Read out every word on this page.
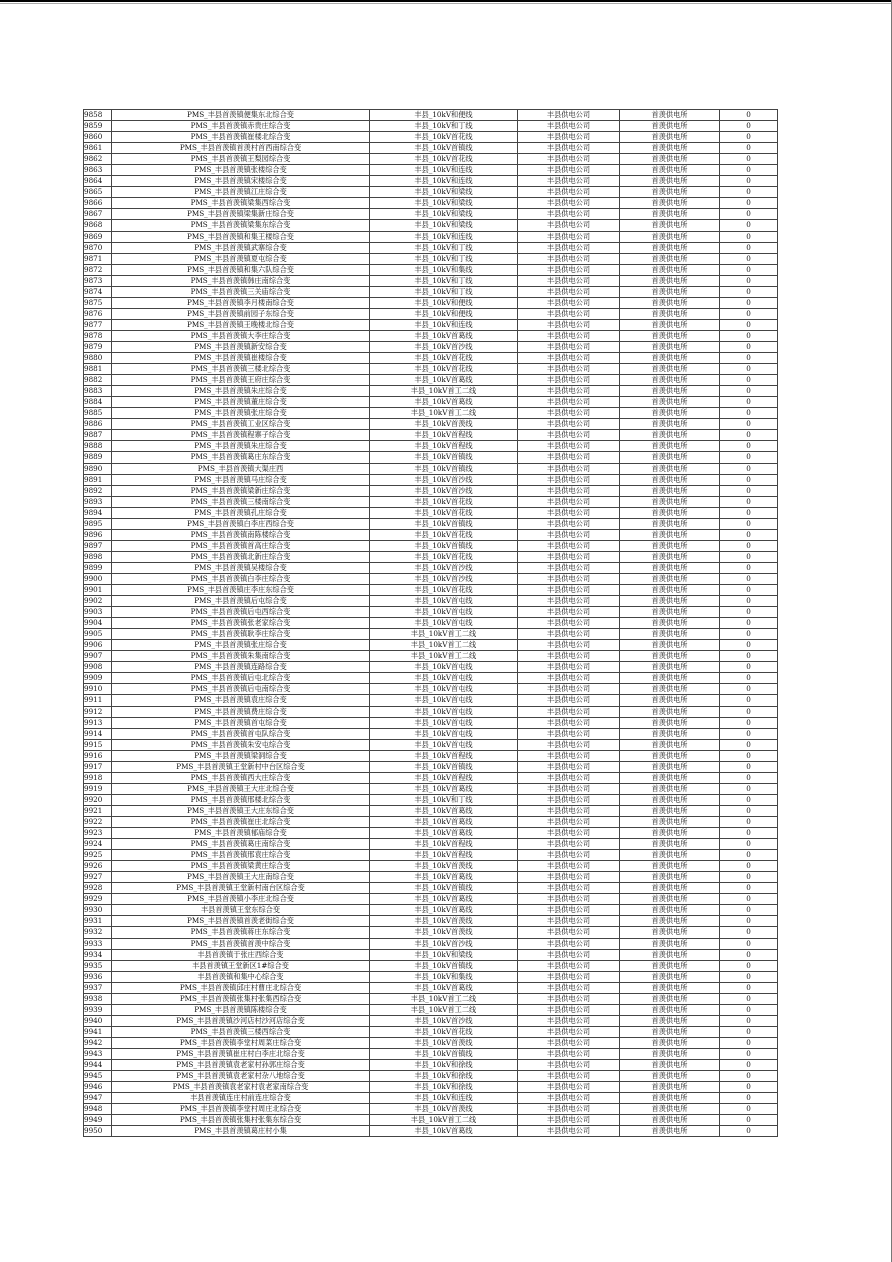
9858	PMS_丰县首羡镇便集东北综合变	丰县_10kV和便线	丰县供电公司	首羡供电所	0
9859	PMS_丰县首羡镇赤贵庄综合变	丰县_10kV和丁线	丰县供电公司	首羡供电所	0
9860	PMS_丰县首羡镇崔楼北综合变	丰县_10kV首花线	丰县供电公司	首羡供电所	0
9861	PMS_丰县首羡镇首羡村首西南综合变	丰县_10kV首镇线	丰县供电公司	首羡供电所	0
9862	PMS_丰县首羡镇王梨园综合变	丰县_10kV首花线	丰县供电公司	首羡供电所	0
9863	PMS_丰县首羡镇张楼综合变	丰县_10kV和连线	丰县供电公司	首羡供电所	0
9864	PMS_丰县首羡镇宋楼综合变	丰县_10kV和连线	丰县供电公司	首羡供电所	0
9865	PMS_丰县首羡镇江庄综合变	丰县_10kV和梁线	丰县供电公司	首羡供电所	0
9866	PMS_丰县首羡镇梁集西综合变	丰县_10kV和梁线	丰县供电公司	首羡供电所	0
9867	PMS_丰县首羡镇梁集新庄综合变	丰县_10kV和梁线	丰县供电公司	首羡供电所	0
9868	PMS_丰县首羡镇梁集东综合变	丰县_10kV和梁线	丰县供电公司	首羡供电所	0
9869	PMS_丰县首羡镇和集王楼综合变	丰县_10kV和连线	丰县供电公司	首羡供电所	0
9870	PMS_丰县首羡镇武寨综合变	丰县_10kV和丁线	丰县供电公司	首羡供电所	0
9871	PMS_丰县首羡镇夏屯综合变	丰县_10kV和丁线	丰县供电公司	首羡供电所	0
9872	PMS_丰县首羡镇和集六队综合变	丰县_10kV和集线	丰县供电公司	首羡供电所	0
9873	PMS_丰县首羡镇韩庄南综合变	丰县_10kV和丁线	丰县供电公司	首羡供电所	0
9874	PMS_丰县首羡镇三关庙综合变	丰县_10kV和丁线	丰县供电公司	首羡供电所	0
9875	PMS_丰县首羡镇李月楼南综合变	丰县_10kV和便线	丰县供电公司	首羡供电所	0
9876	PMS_丰县首羡镇前园子东综合变	丰县_10kV和便线	丰县供电公司	首羡供电所	0
9877	PMS_丰县首羡镇王晚楼北综合变	丰县_10kV和连线	丰县供电公司	首羡供电所	0
9878	PMS_丰县首羡镇大李庄综合变	丰县_10kV首葛线	丰县供电公司	首羡供电所	0
9879	PMS_丰县首羡镇新安综合变	丰县_10kV首沙线	丰县供电公司	首羡供电所	0
9880	PMS_丰县首羡镇崔楼综合变	丰县_10kV首花线	丰县供电公司	首羡供电所	0
9881	PMS_丰县首羡镇三楼北综合变	丰县_10kV首花线	丰县供电公司	首羡供电所	0
9882	PMS_丰县首羡镇王府庄综合变	丰县_10kV首葛线	丰县供电公司	首羡供电所	0
9883	PMS_丰县首羡镇朱庄综合变	丰县_10kV首工二线	丰县供电公司	首羡供电所	0
9884	PMS_丰县首羡镇董庄综合变	丰县_10kV首葛线	丰县供电公司	首羡供电所	0
9885	PMS_丰县首羡镇张庄综合变	丰县_10kV首工二线	丰县供电公司	首羡供电所	0
9886	PMS_丰县首羡镇工业区综合变	丰县_10kV首羡线	丰县供电公司	首羡供电所	0
9887	PMS_丰县首羡镇程寨子综合变	丰县_10kV首程线	丰县供电公司	首羡供电所	0
9888	PMS_丰县首羡镇朱庄综合变	丰县_10kV首程线	丰县供电公司	首羡供电所	0
9889	PMS_丰县首羡镇葛庄东综合变	丰县_10kV首镇线	丰县供电公司	首羡供电所	0
9890	PMS_丰县首羡镇大渠庄西	丰县_10kV首镇线	丰县供电公司	首羡供电所	0
9891	PMS_丰县首羡镇马庄综合变	丰县_10kV首沙线	丰县供电公司	首羡供电所	0
9892	PMS_丰县首羡镇梁新庄综合变	丰县_10kV首沙线	丰县供电公司	首羡供电所	0
9893	PMS_丰县首羡镇三楼南综合变	丰县_10kV首花线	丰县供电公司	首羡供电所	0
9894	PMS_丰县首羡镇孔庄综合变	丰县_10kV首花线	丰县供电公司	首羡供电所	0
9895	PMS_丰县首羡镇白李庄西综合变	丰县_10kV首镇线	丰县供电公司	首羡供电所	0
9896	PMS_丰县首羡镇南陈楼综合变	丰县_10kV首花线	丰县供电公司	首羡供电所	0
9897	PMS_丰县首羡镇首高庄综合变	丰县_10kV首镇线	丰县供电公司	首羡供电所	0
9898	PMS_丰县首羡镇北新庄综合变	丰县_10kV首花线	丰县供电公司	首羡供电所	0
9899	PMS_丰县首羡镇吴楼综合变	丰县_10kV首沙线	丰县供电公司	首羡供电所	0
9900	PMS_丰县首羡镇白李庄综合变	丰县_10kV首沙线	丰县供电公司	首羡供电所	0
9901	PMS_丰县首羡镇庄李庄东综合变	丰县_10kV首花线	丰县供电公司	首羡供电所	0
9902	PMS_丰县首羡镇后屯综合变	丰县_10kV首屯线	丰县供电公司	首羡供电所	0
9903	PMS_丰县首羡镇后屯西综合变	丰县_10kV首屯线	丰县供电公司	首羡供电所	0
9904	PMS_丰县首羡镇张老家综合变	丰县_10kV首屯线	丰县供电公司	首羡供电所	0
9905	PMS_丰县首羡镇耿李庄综合变	丰县_10kV首工二线	丰县供电公司	首羡供电所	0
9906	PMS_丰县首羡镇张庄综合变	丰县_10kV首工二线	丰县供电公司	首羡供电所	0
9907	PMS_丰县首羡镇朱集南综合变	丰县_10kV首工二线	丰县供电公司	首羡供电所	0
9908	PMS_丰县首羡镇连路综合变	丰县_10kV首屯线	丰县供电公司	首羡供电所	0
9909	PMS_丰县首羡镇后屯北综合变	丰县_10kV首屯线	丰县供电公司	首羡供电所	0
9910	PMS_丰县首羡镇后屯南综合变	丰县_10kV首屯线	丰县供电公司	首羡供电所	0
9911	PMS_丰县首羡镇袁庄综合变	丰县_10kV首屯线	丰县供电公司	首羡供电所	0
9912	PMS_丰县首羡镇费庄综合变	丰县_10kV首屯线	丰县供电公司	首羡供电所	0
9913	PMS_丰县首羡镇首屯综合变	丰县_10kV首屯线	丰县供电公司	首羡供电所	0
9914	PMS_丰县首羡镇首屯队综合变	丰县_10kV首屯线	丰县供电公司	首羡供电所	0
9915	PMS_丰县首羡镇朱安屯综合变	丰县_10kV首屯线	丰县供电公司	首羡供电所	0
9916	PMS_丰县首羡镇梁洞综合变	丰县_10kV首程线	丰县供电公司	首羡供电所	0
9917	PMS_丰县首羡镇王堂新村中台区综合变	丰县_10kV首镇线	丰县供电公司	首羡供电所	0
9918	PMS_丰县首羡镇西大庄综合变	丰县_10kV首程线	丰县供电公司	首羡供电所	0
9919	PMS_丰县首羡镇王大庄北综合变	丰县_10kV首葛线	丰县供电公司	首羡供电所	0
9920	PMS_丰县首羡镇邢楼北综合变	丰县_10kV和丁线	丰县供电公司	首羡供电所	0
9921	PMS_丰县首羡镇王大庄东综合变	丰县_10kV首葛线	丰县供电公司	首羡供电所	0
9922	PMS_丰县首羡镇崔庄北综合变	丰县_10kV首葛线	丰县供电公司	首羡供电所	0
9923	PMS_丰县首羡镇郁庙综合变	丰县_10kV首葛线	丰县供电公司	首羡供电所	0
9924	PMS_丰县首羡镇葛庄南综合变	丰县_10kV首程线	丰县供电公司	首羡供电所	0
9925	PMS_丰县首羡镇邢袁庄综合变	丰县_10kV首程线	丰县供电公司	首羡供电所	0
9926	PMS_丰县首羡镇梁黄庄综合变	丰县_10kV首羡线	丰县供电公司	首羡供电所	0
9927	PMS_丰县首羡镇王大庄南综合变	丰县_10kV首葛线	丰县供电公司	首羡供电所	0
9928	PMS_丰县首羡镇王堂新村南台区综合变	丰县_10kV首镇线	丰县供电公司	首羡供电所	0
9929	PMS_丰县首羡镇小李庄北综合变	丰县_10kV首葛线	丰县供电公司	首羡供电所	0
9930	丰县首羡镇王堂东综合变	丰县_10kV首葛线	丰县供电公司	首羡供电所	0
9931	PMS_丰县首羡镇首羡老街综合变	丰县_10kV首羡线	丰县供电公司	首羡供电所	0
9932	PMS_丰县首羡镇蒋庄东综合变	丰县_10kV首羡线	丰县供电公司	首羡供电所	0
9933	PMS_丰县首羡镇首羡中综合变	丰县_10kV首沙线	丰县供电公司	首羡供电所	0
9934	丰县首羡镇于张庄西综合变	丰县_10kV和梁线	丰县供电公司	首羡供电所	0
9935	丰县首羡镇王堂新区1#综合变	丰县_10kV首镇线	丰县供电公司	首羡供电所	0
9936	丰县首羡镇和集中心综合变	丰县_10kV和集线	丰县供电公司	首羡供电所	0
9937	PMS_丰县首羡镇邱庄村曹庄北综合变	丰县_10kV首葛线	丰县供电公司	首羡供电所	0
9938	PMS_丰县首羡镇张集村张集西综合变	丰县_10kV首工二线	丰县供电公司	首羡供电所	0
9939	PMS_丰县首羡镇陈楼综合变	丰县_10kV首工二线	丰县供电公司	首羡供电所	0
9940	PMS_丰县首羡镇沙河店村沙河店综合变	丰县_10kV首沙线	丰县供电公司	首羡供电所	0
9941	PMS_丰县首羡镇三楼西综合变	丰县_10kV首花线	丰县供电公司	首羡供电所	0
9942	PMS_丰县首羡镇李堂村周菜庄综合变	丰县_10kV首羡线	丰县供电公司	首羡供电所	0
9943	PMS_丰县首羡镇崔庄村白李庄北综合变	丰县_10kV首镇线	丰县供电公司	首羡供电所	0
9944	PMS_丰县首羡镇袁老家村孙郭庄综合变	丰县_10kV和徐线	丰县供电公司	首羡供电所	0
9945	PMS_丰县首羡镇袁老家村杂八地综合变	丰县_10kV和徐线	丰县供电公司	首羡供电所	0
9946	PMS_丰县首羡镇袁老家村袁老家南综合变	丰县_10kV和徐线	丰县供电公司	首羡供电所	0
9947	丰县首羡镇连庄村前连庄综合变	丰县_10kV和连线	丰县供电公司	首羡供电所	0
9948	PMS_丰县首羡镇李堂村周庄北综合变	丰县_10kV首羡线	丰县供电公司	首羡供电所	0
9949	PMS_丰县首羡镇张集村张集东综合变	丰县_10kV首工二线	丰县供电公司	首羡供电所	0
9950	PMS_丰县首羡镇葛庄村小集	丰县_10kV首葛线	丰县供电公司	首羡供电所	0
